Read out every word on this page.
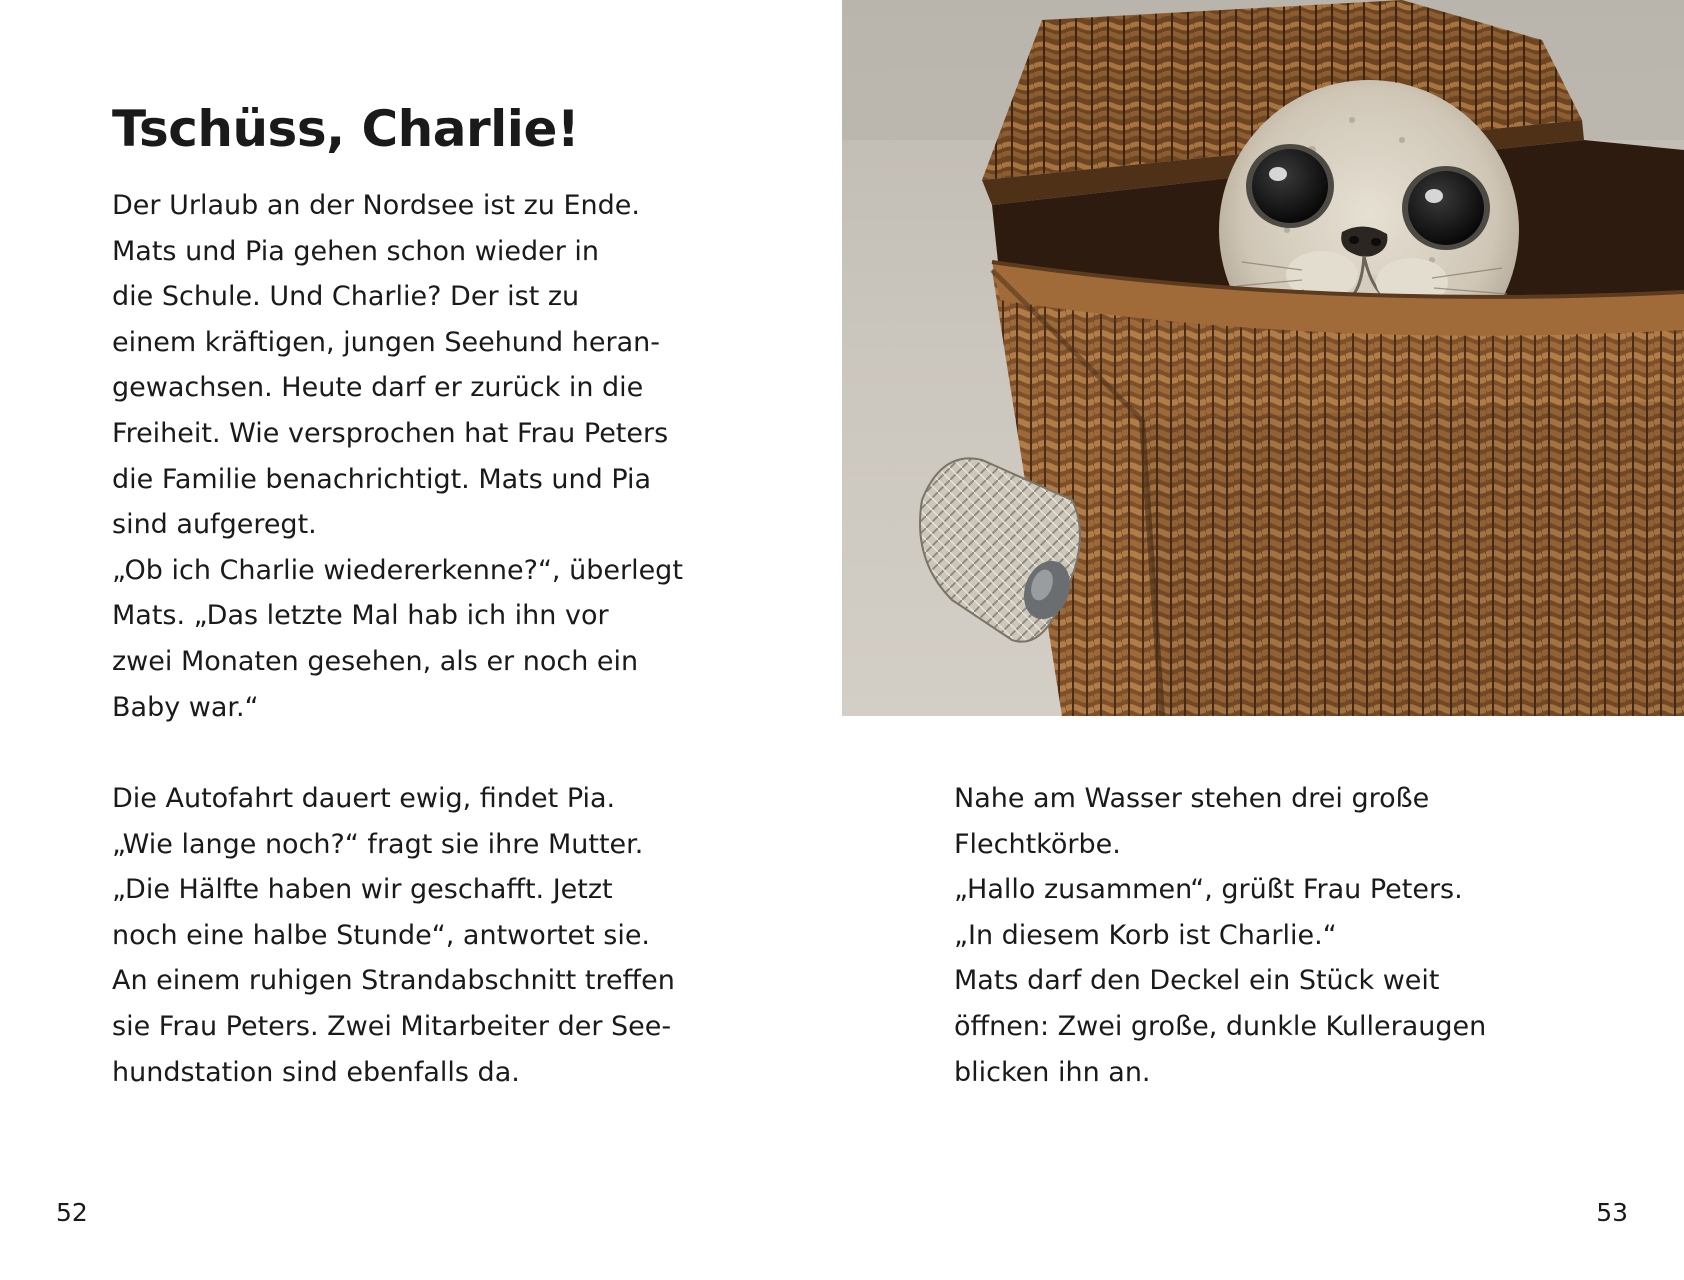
Tschüss, Charlie!
Der Urlaub an der Nordsee ist zu Ende.
Mats und Pia gehen schon wieder in
die Schule. Und Charlie? Der ist zu
einem kräftigen, jungen Seehund heran-
gewachsen. Heute darf er zurück in die
Freiheit. Wie versprochen hat Frau Peters
die Familie benachrichtigt. Mats und Pia
sind aufgeregt.
„Ob ich Charlie wiedererkenne?“, überlegt
Mats. „Das letzte Mal hab ich ihn vor
zwei Monaten gesehen, als er noch ein
Baby war.“
Die Autofahrt dauert ewig, findet Pia.
„Wie lange noch?“ fragt sie ihre Mutter.
„Die Hälfte haben wir geschafft. Jetzt
noch eine halbe Stunde“, antwortet sie.
An einem ruhigen Strandabschnitt treffen
sie Frau Peters. Zwei Mitarbeiter der See-
hundstation sind ebenfalls da.
52
Nahe am Wasser stehen drei große
Flechtkörbe.
„Hallo zusammen“, grüßt Frau Peters.
„In diesem Korb ist Charlie.“
Mats darf den Deckel ein Stück weit
öffnen: Zwei große, dunkle Kulleraugen
blicken ihn an.
53
